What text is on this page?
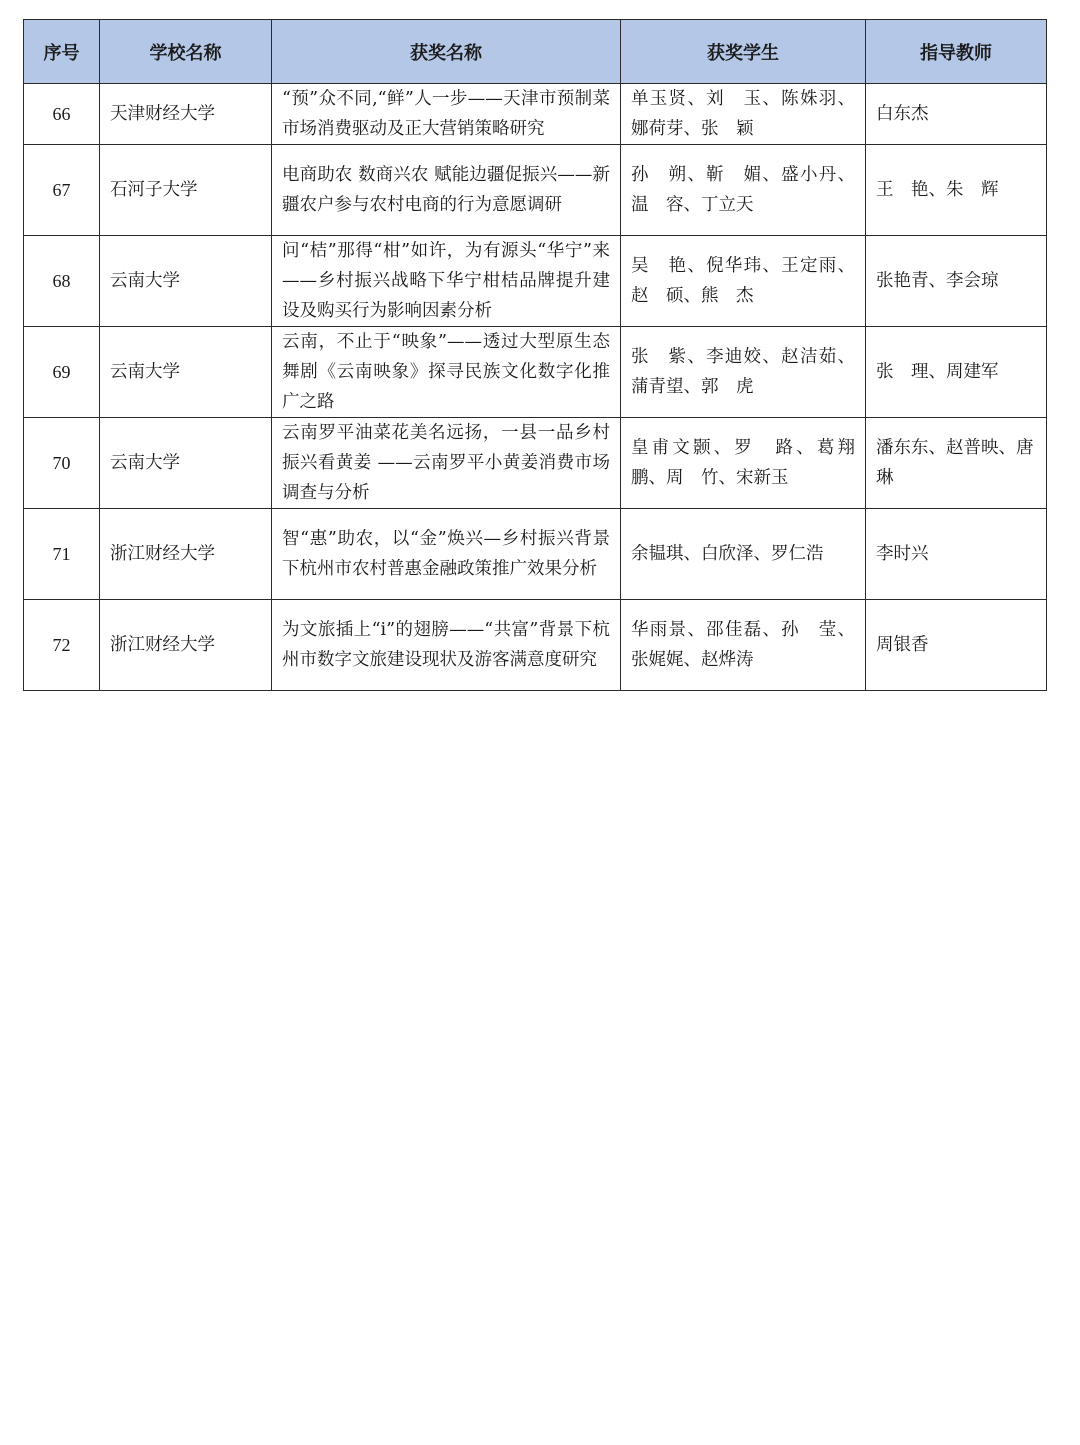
序号	学校名称	获奖名称	获奖学生	指导教师
66	天津财经大学	“预”众不同,“鲜”人一步——天津市预制菜市场消费驱动及正大营销策略研究	单玉贤、刘　玉、陈姝羽、娜荷芽、张　颖	白东杰
67	石河子大学	电商助农 数商兴农 赋能边疆促振兴——新疆农户参与农村电商的行为意愿调研	孙　朔、靳　媚、盛小丹、温　容、丁立天	王　艳、朱　辉
68	云南大学	问“桔”那得“柑”如许，为有源头“华宁”来——乡村振兴战略下华宁柑桔品牌提升建设及购买行为影响因素分析	吴　艳、倪华玮、王定雨、赵　硕、熊　杰	张艳青、李会琼
69	云南大学	云南，不止于“映象”——透过大型原生态舞剧《云南映象》探寻民族文化数字化推广之路	张　紫、李迪姣、赵洁茹、蒲青望、郭　虎	张　理、周建军
70	云南大学	云南罗平油菜花美名远扬，一县一品乡村振兴看黄姜 ——云南罗平小黄姜消费市场调查与分析	皇甫文颢、罗　路、葛翔鹏、周　竹、宋新玉	潘东东、赵普映、唐　琳
71	浙江财经大学	智“惠”助农，以“金”焕兴—乡村振兴背景下杭州市农村普惠金融政策推广效果分析	余韫琪、白欣泽、罗仁浩	李时兴
72	浙江财经大学	为文旅插上“i”的翅膀——“共富”背景下杭州市数字文旅建设现状及游客满意度研究	华雨景、邵佳磊、孙　莹、张娓娓、赵烨涛	周银香
